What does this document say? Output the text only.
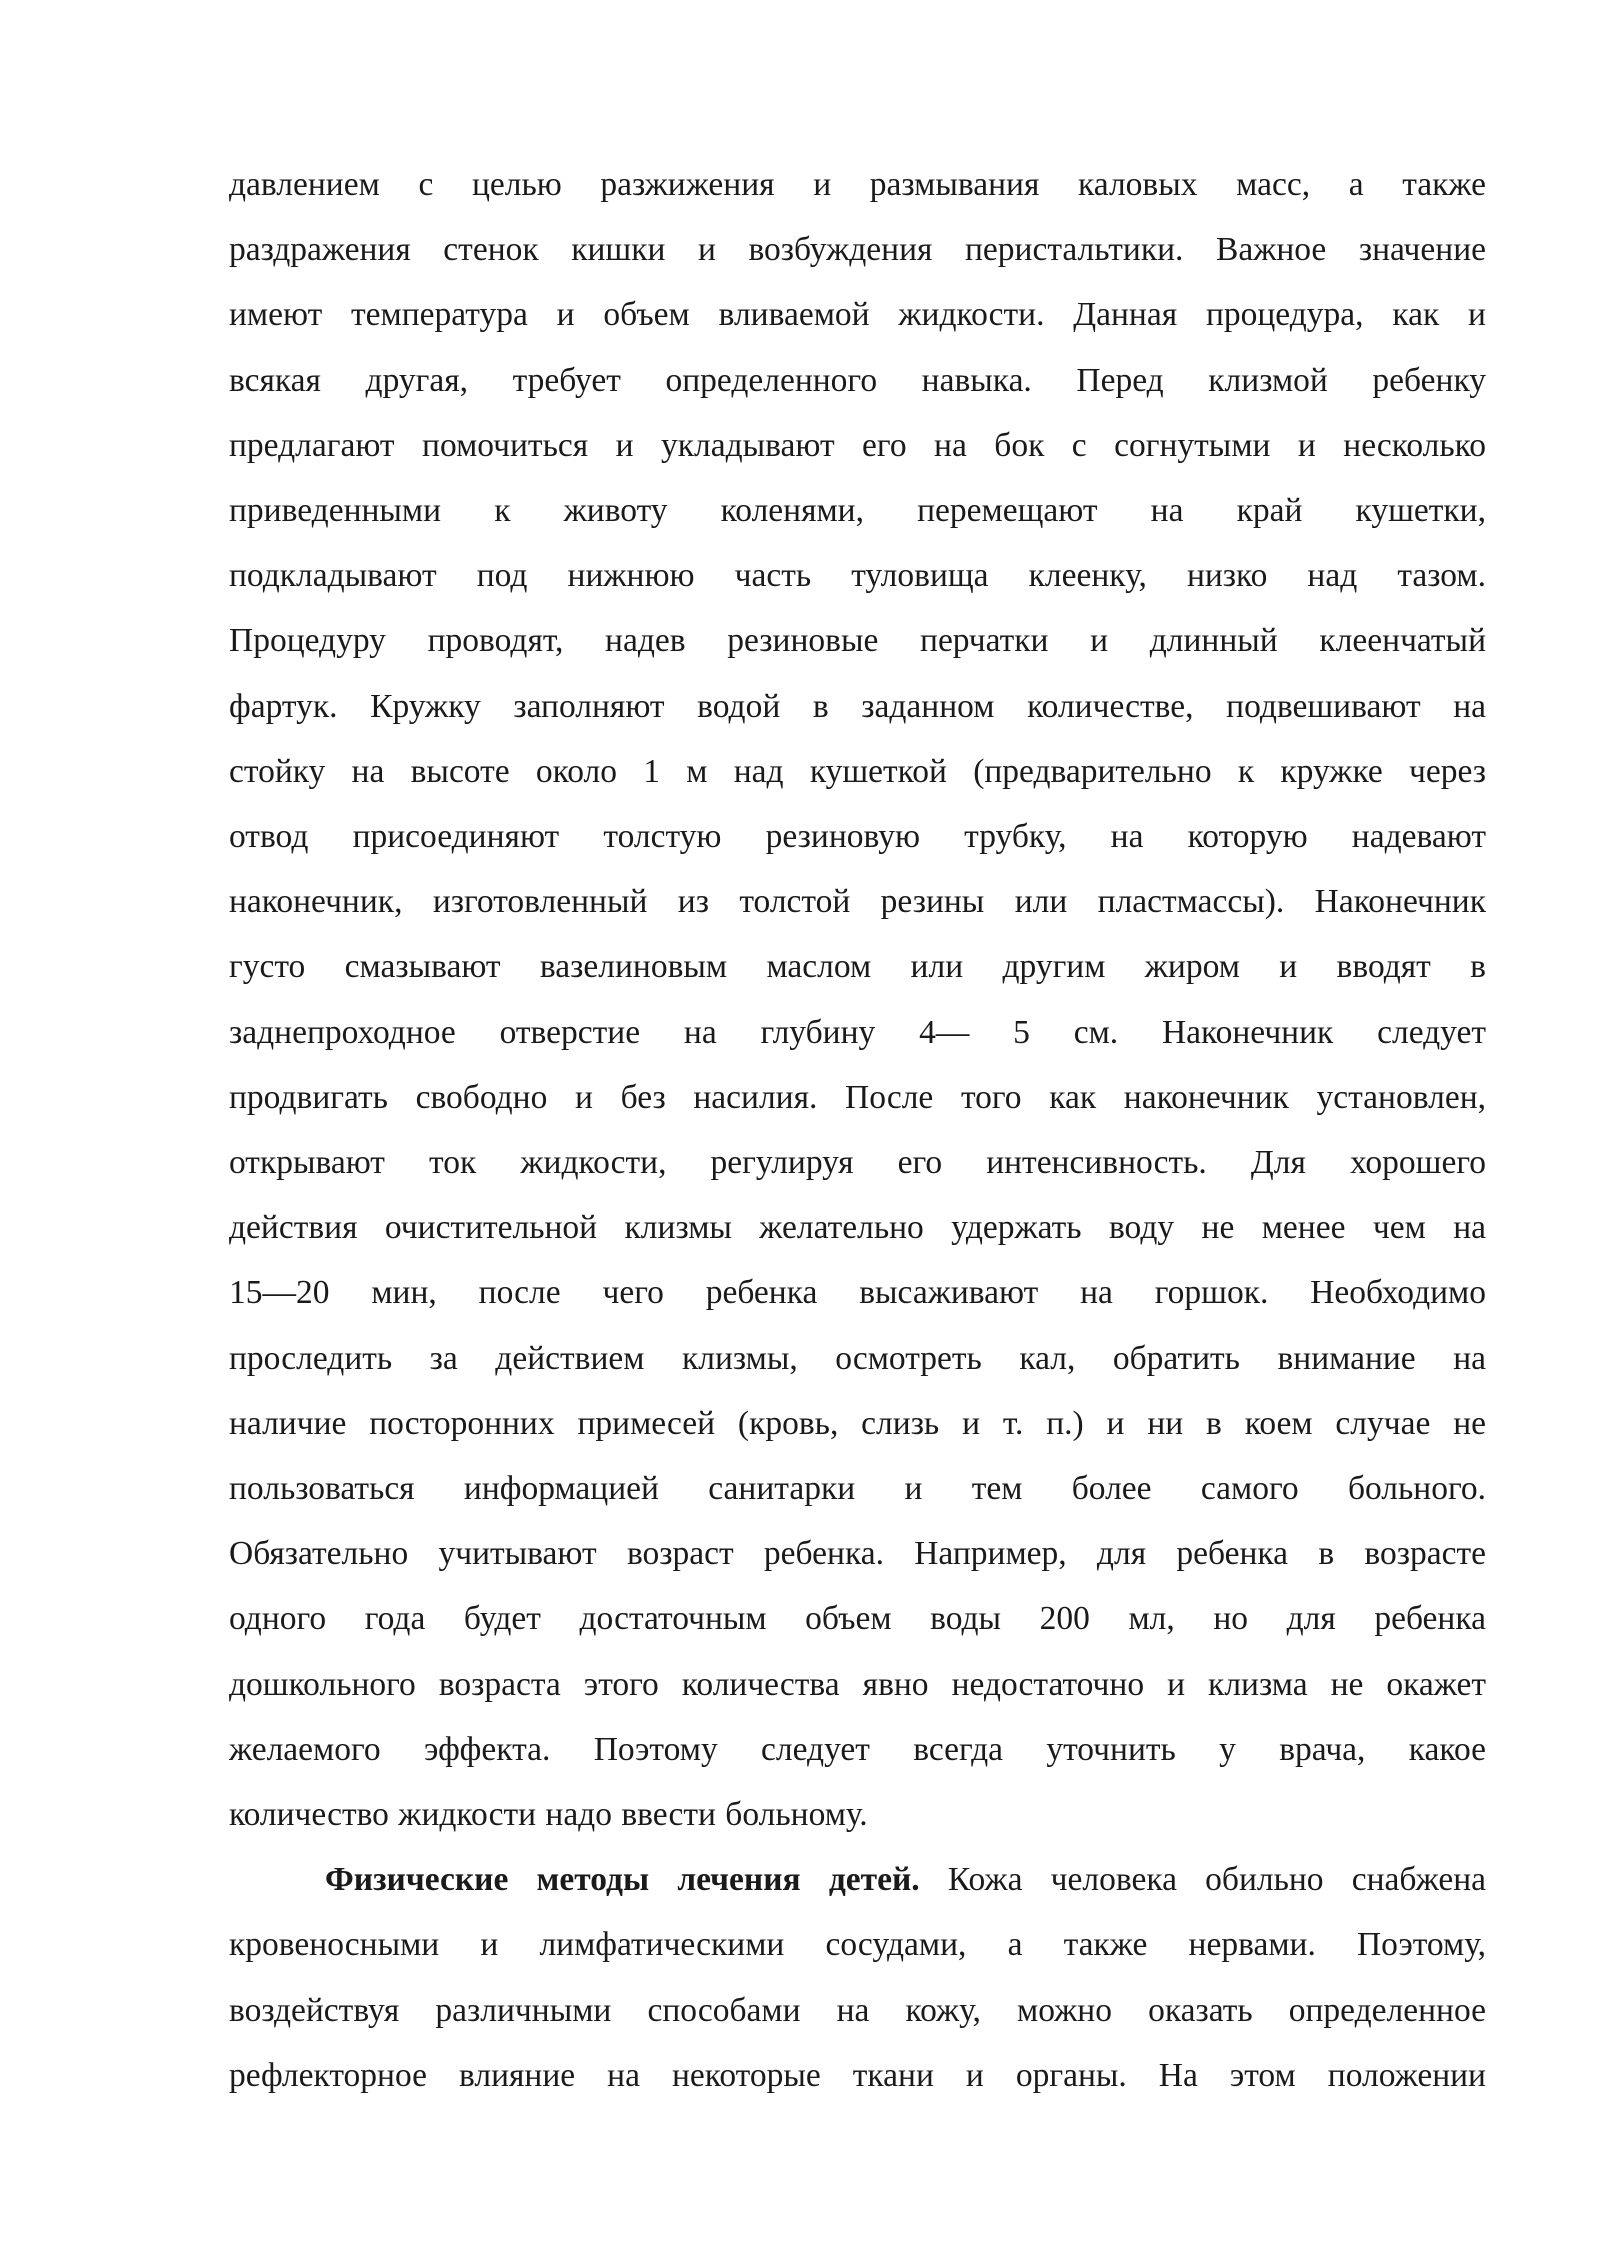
давлением с целью разжижения и размывания каловых масс, а также
раздражения стенок кишки и возбуждения перистальтики. Важное значение
имеют температура и объем вливаемой жидкости. Данная процедура, как и
всякая другая, требует определенного навыка. Перед клизмой ребенку
предлагают помочиться и укладывают его на бок с согнутыми и несколько
приведенными к животу коленями, перемещают на край кушетки,
подкладывают под нижнюю часть туловища клеенку, низко над тазом.
Процедуру проводят, надев резиновые перчатки и длинный клеенчатый
фартук. Кружку заполняют водой в заданном количестве, подвешивают на
стойку на высоте около 1 м над кушеткой (предварительно к кружке через
отвод присоединяют толстую резиновую трубку, на которую надевают
наконечник, изготовленный из толстой резины или пластмассы). Наконечник
густо смазывают вазелиновым маслом или другим жиром и вводят в
заднепроходное отверстие на глубину 4— 5 см. Наконечник следует
продвигать свободно и без насилия. После того как наконечник установлен,
открывают ток жидкости, регулируя его интенсивность. Для хорошего
действия очистительной клизмы желательно удержать воду не менее чем на
15—20 мин, после чего ребенка высаживают на горшок. Необходимо
проследить за действием клизмы, осмотреть кал, обратить внимание на
наличие посторонних примесей (кровь, слизь и т. п.) и ни в коем случае не
пользоваться информацией санитарки и тем более самого больного.
Обязательно учитывают возраст ребенка. Например, для ребенка в возрасте
одного года будет достаточным объем воды 200 мл, но для ребенка
дошкольного возраста этого количества явно недостаточно и клизма не окажет
желаемого эффекта. Поэтому следует всегда уточнить у врача, какое
количество жидкости надо ввести больному.
Физические методы лечения детей. Кожа человека обильно снабжена
кровеносными и лимфатическими сосудами, а также нервами. Поэтому,
воздействуя различными способами на кожу, можно оказать определенное
рефлекторное влияние на некоторые ткани и органы. На этом положении
